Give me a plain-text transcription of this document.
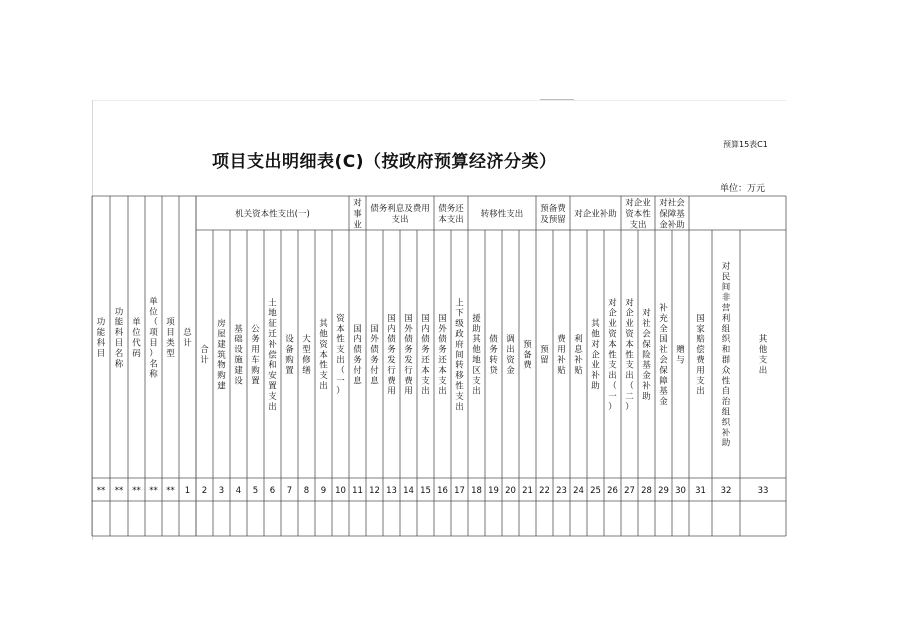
预算15表C1
项目支出明细表(C)（按政府预算经济分类）
单位：万元
功
能
科
目
功
能
科
目
名
称
单
位
代
码
单
位
（
项
目
）
名
称
项
目
类
型
总
计
机关资本性支出(一)
对
事
业
债务利息及费用
支出
债务还
本支出
转移性支出
预备费
及预留
对企业补助
对企业
资本性
支出
对社会
保障基
金补助
合
计
房
屋
建
筑
物
购
建
基
础
设
施
建
设
公
务
用
车
购
置
土
地
征
迁
补
偿
和
安
置
支
出
设
备
购
置
大
型
修
缮
其
他
资
本
性
支
出
资
本
性
支
出
（
一
）
国
内
债
务
付
息
国
外
债
务
付
息
国
内
债
务
发
行
费
用
国
外
债
务
发
行
费
用
国
内
债
务
还
本
支
出
国
外
债
务
还
本
支
出
上
下
级
政
府
间
转
移
性
支
出
援
助
其
他
地
区
支
出
债
务
转
贷
调
出
资
金
预
备
费
预
留
费
用
补
贴
利
息
补
贴
其
他
对
企
业
补
助
对
企
业
资
本
性
支
出
（
一
）
对
企
业
资
本
性
支
出
（
二
）
对
社
会
保
险
基
金
补
助
补
充
全
国
社
会
保
障
基
金
赠
与
国
家
赔
偿
费
用
支
出
对
民
间
非
营
利
组
织
和
群
众
性
自
治
组
织
补
助
其
他
支
出
** ** ** ** ** 1 2 3 4 5 6 7 8 9 10 11 12 13 14 15 16 17 18 19 20 21 22 23 24 25 26 27 28 29 30 31 32	33
